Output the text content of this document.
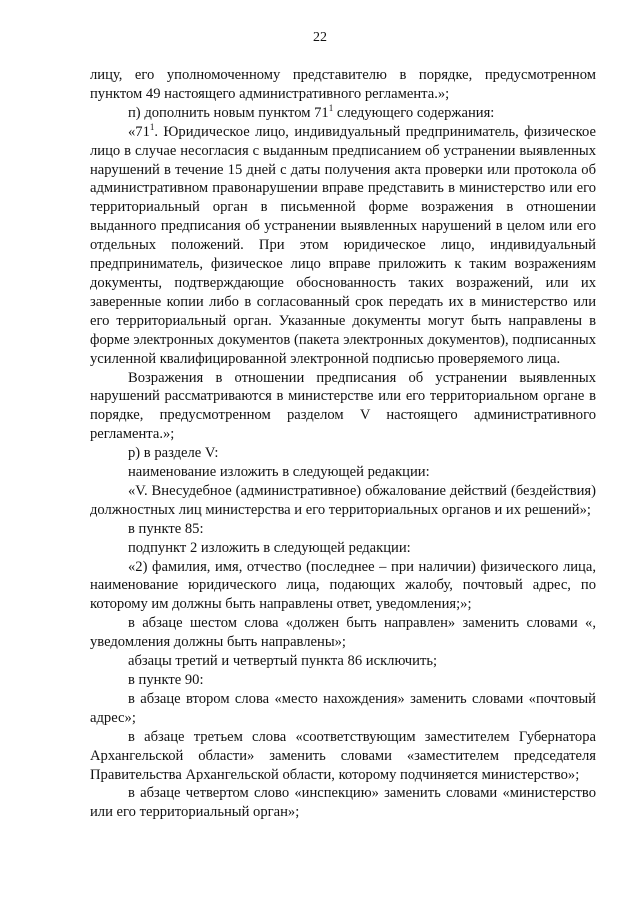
22

лицу, его уполномоченному представителю в порядке, предусмотренном пунктом 49 настоящего административного регламента.»;

п) дополнить новым пунктом $71^1$ следующего содержания:

«$71^1$. Юридическое лицо, индивидуальный предприниматель, физическое лицо в случае несогласия с выданным предписанием об устранении выявленных нарушений в течение 15 дней с даты получения акта проверки или протокола об административном правонарушении вправе представить в министерство или его территориальный орган в письменной форме возражения в отношении выданного предписания об устранении выявленных нарушений в целом или его отдельных положений. При этом юридическое лицо, индивидуальный предприниматель, физическое лицо вправе приложить к таким возражениям документы, подтверждающие обоснованность таких возражений, или их заверенные копии либо в согласованный срок передать их в министерство или его территориальный орган. Указанные документы могут быть направлены в форме электронных документов (пакета электронных документов), подписанных усиленной квалифицированной электронной подписью проверяемого лица.

Возражения в отношении предписания об устранении выявленных нарушений рассматриваются в министерстве или его территориальном органе в порядке, предусмотренном разделом V настоящего административного регламента.»;

р) в разделе V:

наименование изложить в следующей редакции:

«V. Внесудебное (административное) обжалование действий (бездействия) должностных лиц министерства и его территориальных органов и их решений»;

в пункте 85:

подпункт 2 изложить в следующей редакции:

«2) фамилия, имя, отчество (последнее – при наличии) физического лица, наименование юридического лица, подающих жалобу, почтовый адрес, по которому им должны быть направлены ответ, уведомления;»;

в абзаце шестом слова «должен быть направлен» заменить словами «, уведомления должны быть направлены»;

абзацы третий и четвертый пункта 86 исключить;

в пункте 90:

в абзаце втором слова «место нахождения» заменить словами «почтовый адрес»;

в абзаце третьем слова «соответствующим заместителем Губернатора Архангельской области» заменить словами «заместителем председателя Правительства Архангельской области, которому подчиняется министерство»;

в абзаце четвертом слово «инспекцию» заменить словами «министерство или его территориальный орган»;
